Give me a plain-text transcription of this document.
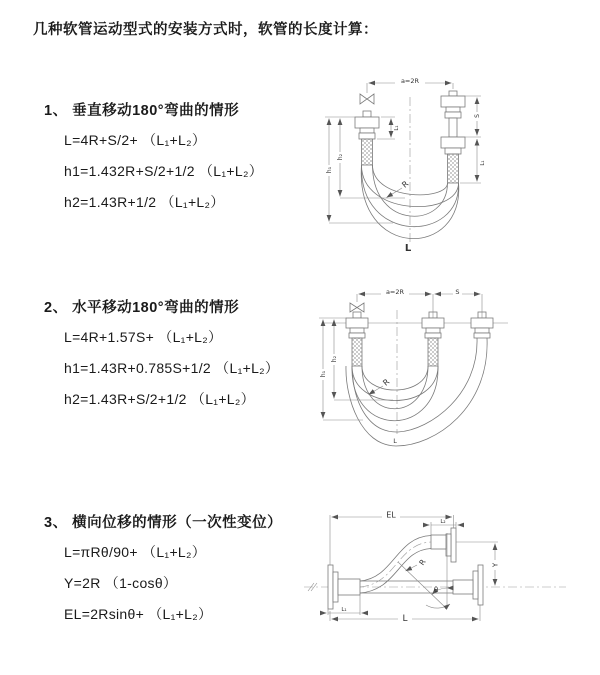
几种软管运动型式的安装方式时，软管的长度计算：
1、 垂直移动180°弯曲的情形
L=4R+S/2+ （L₁+L₂）
h1=1.432R+S/2+1/2 （L₁+L₂）
h2=1.43R+1/2 （L₁+L₂）
a=2R
L₁
S
L₁
h₂
h₁
R
L
2、 水平移动180°弯曲的情形
L=4R+1.57S+ （L₁+L₂）
h1=1.43R+0.785S+1/2 （L₁+L₂）
h2=1.43R+S/2+1/2 （L₁+L₂）
a=2R	S
h₂
h₁
R
L
3、 横向位移的情形（一次性变位）
L=πRθ/90+ （L₁+L₂）
Y=2R （1-cosθ）
EL=2Rsinθ+ （L₁+L₂）
EL
L₂
Y
L₁
L
θ
R
